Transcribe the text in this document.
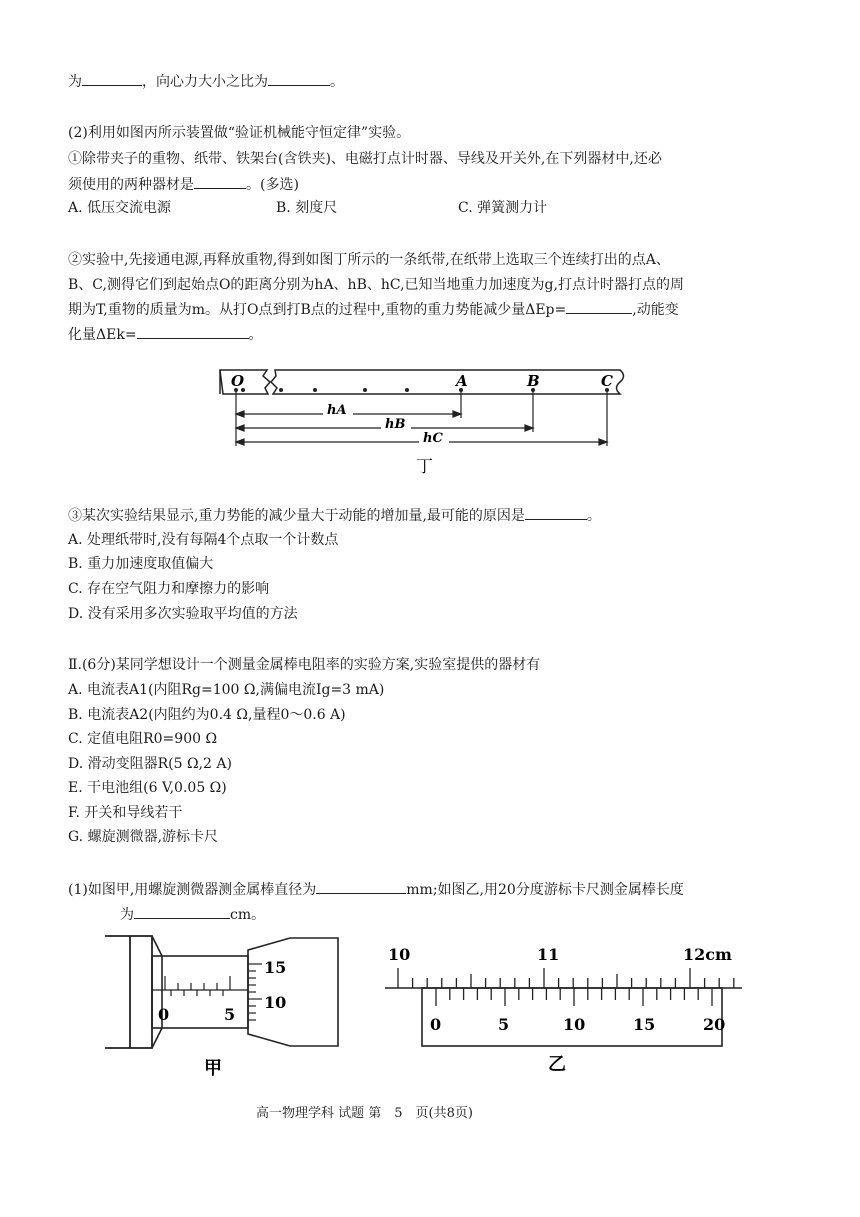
为	，向心力大小之比为	。
(2)利用如图丙所示装置做“验证机械能守恒定律”实验。
①除带夹子的重物、纸带、铁架台(含铁夹)、电磁打点计时器、导线及开关外,在下列器材中,还必
须使用的两种器材是	。(多选)
A. 低压交流电源	B. 刻度尺	C. 弹簧测力计
②实验中,先接通电源,再释放重物,得到如图丁所示的一条纸带,在纸带上选取三个连续打出的点A、
B、C,测得它们到起始点O的距离分别为hA、hB、hC,已知当地重力加速度为g,打点计时器打点的周
期为T,重物的质量为m。从打O点到打B点的过程中,重物的重力势能减少量ΔEp=	,动能变
化量ΔEk=	。
O	A	B	C
hA
hB
hC
丁
③某次实验结果显示,重力势能的减少量大于动能的增加量,最可能的原因是	。
A. 处理纸带时,没有每隔4个点取一个计数点
B. 重力加速度取值偏大
C. 存在空气阻力和摩擦力的影响
D. 没有采用多次实验取平均值的方法
Ⅱ.(6分)某同学想设计一个测量金属棒电阻率的实验方案,实验室提供的器材有
A. 电流表A1(内阻Rg=100 Ω,满偏电流Ig=3 mA)
B. 电流表A2(内阻约为0.4 Ω,量程0～0.6 A)
C. 定值电阻R0=900 Ω
D. 滑动变阻器R(5 Ω,2 A)
E. 干电池组(6 V,0.05 Ω)
F. 开关和导线若干
G. 螺旋测微器,游标卡尺
(1)如图甲,用螺旋测微器测金属棒直径为	mm;如图乙,用20分度游标卡尺测金属棒长度
为	cm。
0	5
15
10
甲
10	11	12cm
0	5	10	15	20
乙
高一物理学科 试题 第　5　页(共8页)
